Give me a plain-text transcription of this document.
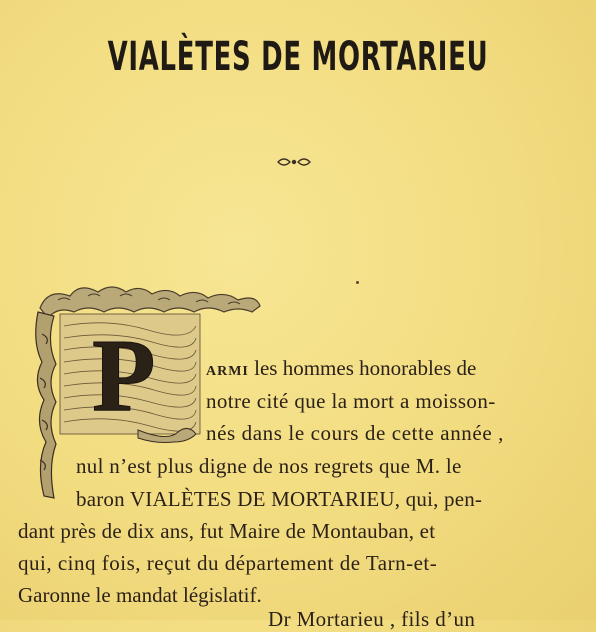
VIALÈTES DE MORTARIEU
P	ARMI les hommes honorables de
notre cité que la mort a moisson-
nés dans le cours de cette année ,
nul n’est plus digne de nos regrets que M. le
baron VIALÈTES DE MORTARIEU, qui, pen-
dant près de dix ans, fut Maire de Montauban, et
qui, cinq fois, reçut du département de Tarn-et-
Garonne le mandat législatif.
Dr Mortarieu , fils d’un
